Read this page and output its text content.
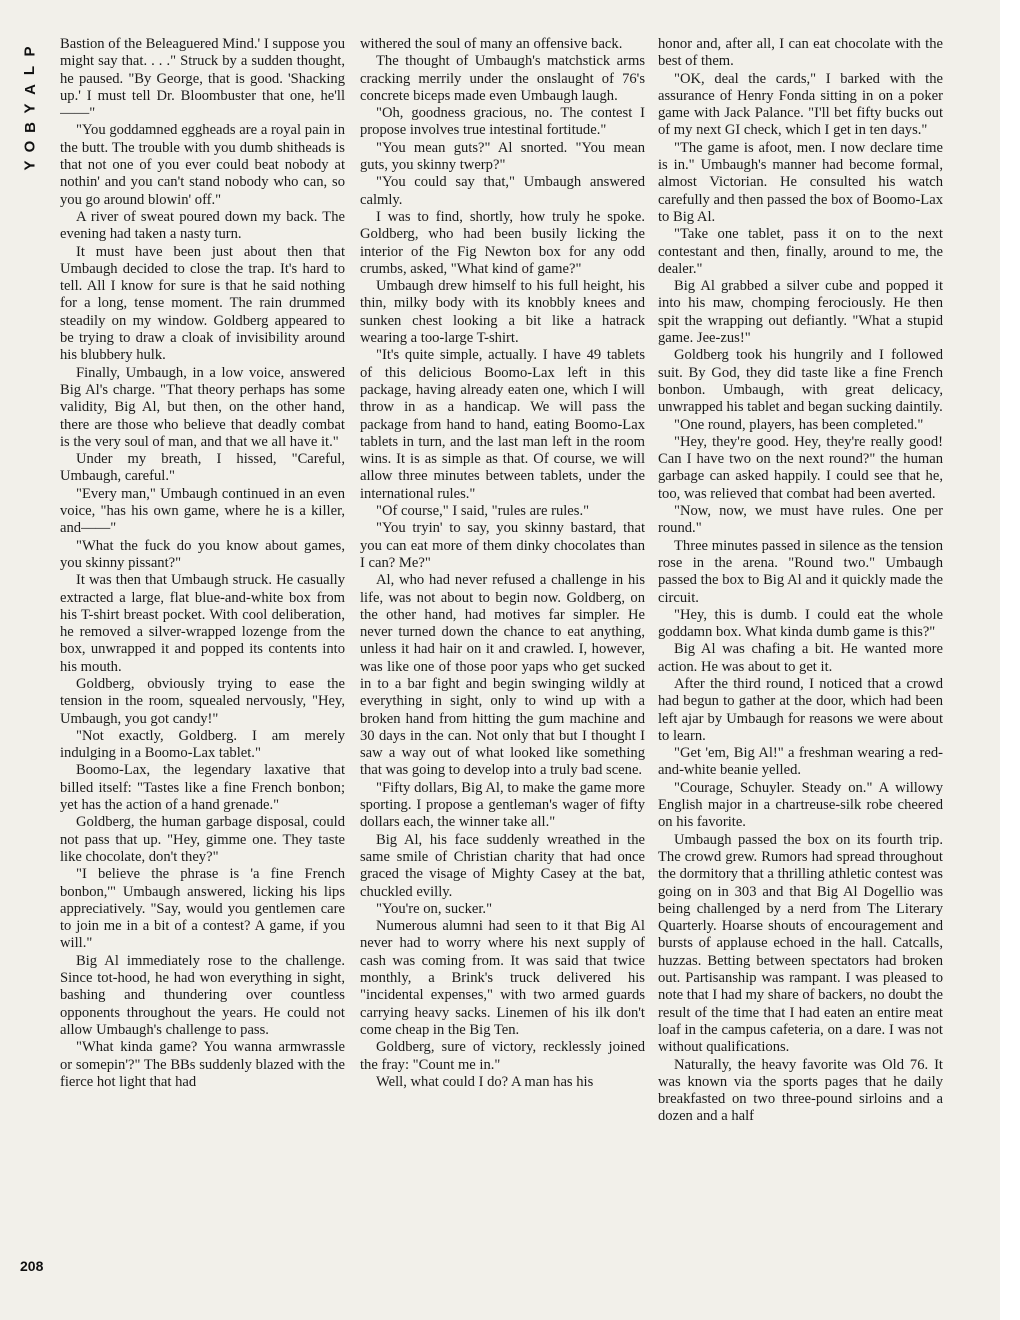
P
L
A
Y
B
O
Y

Bastion of the Beleaguered Mind.' I suppose you might say that. . . ." Struck by a sudden thought, he paused. "By George, that is good. 'Shacking up.' I must tell Dr. Bloombuster that one, he'll——"

"You goddamned eggheads are a royal pain in the butt. The trouble with you dumb shitheads is that not one of you ever could beat nobody at nothin' and you can't stand nobody who can, so you go around blowin' off."

A river of sweat poured down my back. The evening had taken a nasty turn.

It must have been just about then that Umbaugh decided to close the trap. It's hard to tell. All I know for sure is that he said nothing for a long, tense moment. The rain drummed steadily on my window. Goldberg appeared to be trying to draw a cloak of invisibility around his blubbery hulk.

Finally, Umbaugh, in a low voice, answered Big Al's charge. "That theory perhaps has some validity, Big Al, but then, on the other hand, there are those who believe that deadly combat is the very soul of man, and that we all have it."

Under my breath, I hissed, "Careful, Umbaugh, careful."

"Every man," Umbaugh continued in an even voice, "has his own game, where he is a killer, and——"

"What the fuck do you know about games, you skinny pissant?"

It was then that Umbaugh struck. He casually extracted a large, flat blue-and-white box from his T-shirt breast pocket. With cool deliberation, he removed a silver-wrapped lozenge from the box, unwrapped it and popped its contents into his mouth.

Goldberg, obviously trying to ease the tension in the room, squealed nervously, "Hey, Umbaugh, you got candy!"

"Not exactly, Goldberg. I am merely indulging in a Boomo-Lax tablet."

Boomo-Lax, the legendary laxative that billed itself: "Tastes like a fine French bonbon; yet has the action of a hand grenade."

Goldberg, the human garbage disposal, could not pass that up. "Hey, gimme one. They taste like chocolate, don't they?"

"I believe the phrase is 'a fine French bonbon,'" Umbaugh answered, licking his lips appreciatively. "Say, would you gentlemen care to join me in a bit of a contest? A game, if you will."

Big Al immediately rose to the challenge. Since tot-hood, he had won everything in sight, bashing and thundering over countless opponents throughout the years. He could not allow Umbaugh's challenge to pass.

"What kinda game? You wanna armwrassle or somepin'?" The BBs suddenly blazed with the fierce hot light that had

withered the soul of many an offensive back.

The thought of Umbaugh's matchstick arms cracking merrily under the onslaught of 76's concrete biceps made even Umbaugh laugh.

"Oh, goodness gracious, no. The contest I propose involves true intestinal fortitude."

"You mean guts?" Al snorted. "You mean guts, you skinny twerp?"

"You could say that," Umbaugh answered calmly.

I was to find, shortly, how truly he spoke. Goldberg, who had been busily licking the interior of the Fig Newton box for any odd crumbs, asked, "What kind of game?"

Umbaugh drew himself to his full height, his thin, milky body with its knobbly knees and sunken chest looking a bit like a hatrack wearing a too-large T-shirt.

"It's quite simple, actually. I have 49 tablets of this delicious Boomo-Lax left in this package, having already eaten one, which I will throw in as a handicap. We will pass the package from hand to hand, eating Boomo-Lax tablets in turn, and the last man left in the room wins. It is as simple as that. Of course, we will allow three minutes between tablets, under the international rules."

"Of course," I said, "rules are rules."

"You tryin' to say, you skinny bastard, that you can eat more of them dinky chocolates than I can? Me?"

Al, who had never refused a challenge in his life, was not about to begin now. Goldberg, on the other hand, had motives far simpler. He never turned down the chance to eat anything, unless it had hair on it and crawled. I, however, was like one of those poor yaps who get sucked in to a bar fight and begin swinging wildly at everything in sight, only to wind up with a broken hand from hitting the gum machine and 30 days in the can. Not only that but I thought I saw a way out of what looked like something that was going to develop into a truly bad scene.

"Fifty dollars, Big Al, to make the game more sporting. I propose a gentleman's wager of fifty dollars each, the winner take all."

Big Al, his face suddenly wreathed in the same smile of Christian charity that had once graced the visage of Mighty Casey at the bat, chuckled evilly.

"You're on, sucker."

Numerous alumni had seen to it that Big Al never had to worry where his next supply of cash was coming from. It was said that twice monthly, a Brink's truck delivered his "incidental expenses," with two armed guards carrying heavy sacks. Linemen of his ilk don't come cheap in the Big Ten.

Goldberg, sure of victory, recklessly joined the fray: "Count me in."

Well, what could I do? A man has his

honor and, after all, I can eat chocolate with the best of them.

"OK, deal the cards," I barked with the assurance of Henry Fonda sitting in on a poker game with Jack Palance. "I'll bet fifty bucks out of my next GI check, which I get in ten days."

"The game is afoot, men. I now declare time is in." Umbaugh's manner had become formal, almost Victorian. He consulted his watch carefully and then passed the box of Boomo-Lax to Big Al.

"Take one tablet, pass it on to the next contestant and then, finally, around to me, the dealer."

Big Al grabbed a silver cube and popped it into his maw, chomping ferociously. He then spit the wrapping out defiantly. "What a stupid game. Jee-zus!"

Goldberg took his hungrily and I followed suit. By God, they did taste like a fine French bonbon. Umbaugh, with great delicacy, unwrapped his tablet and began sucking daintily.

"One round, players, has been completed."

"Hey, they're good. Hey, they're really good! Can I have two on the next round?" the human garbage can asked happily. I could see that he, too, was relieved that combat had been averted.

"Now, now, we must have rules. One per round."

Three minutes passed in silence as the tension rose in the arena. "Round two." Umbaugh passed the box to Big Al and it quickly made the circuit.

"Hey, this is dumb. I could eat the whole goddamn box. What kinda dumb game is this?"

Big Al was chafing a bit. He wanted more action. He was about to get it.

After the third round, I noticed that a crowd had begun to gather at the door, which had been left ajar by Umbaugh for reasons we were about to learn.

"Get 'em, Big Al!" a freshman wearing a red-and-white beanie yelled.

"Courage, Schuyler. Steady on." A willowy English major in a chartreuse-silk robe cheered on his favorite.

Umbaugh passed the box on its fourth trip. The crowd grew. Rumors had spread throughout the dormitory that a thrilling athletic contest was going on in 303 and that Big Al Dogellio was being challenged by a nerd from The Literary Quarterly. Hoarse shouts of encouragement and bursts of applause echoed in the hall. Catcalls, huzzas. Betting between spectators had broken out. Partisanship was rampant. I was pleased to note that I had my share of backers, no doubt the result of the time that I had eaten an entire meat loaf in the campus cafeteria, on a dare. I was not without qualifications.

Naturally, the heavy favorite was Old 76. It was known via the sports pages that he daily breakfasted on two three-pound sirloins and a dozen and a half

208
